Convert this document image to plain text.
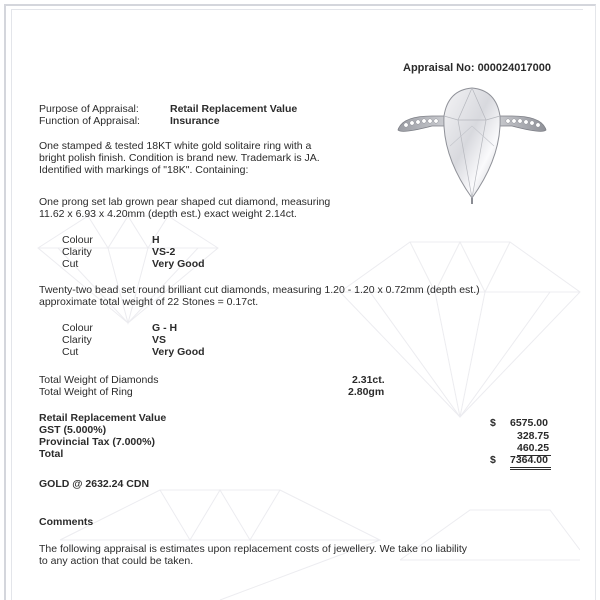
Appraisal No: 000024017000
Purpose of Appraisal:	Retail Replacement Value
Function of Appraisal:	Insurance
One stamped & tested 18KT white gold solitaire ring with a
bright polish finish. Condition is brand new. Trademark is JA.
Identified with markings of "18K". Containing:
One prong set lab grown pear shaped cut diamond, measuring
11.62 x 6.93 x 4.20mm (depth est.) exact weight 2.14ct.
Colour	H
Clarity	VS-2
Cut	Very Good
Twenty-two bead set round brilliant cut diamonds, measuring 1.20 - 1.20 x 0.72mm (depth est.)
approximate total weight of 22 Stones = 0.17ct.
Colour	G - H
Clarity	VS
Cut	Very Good
Total Weight of Diamonds	2.31ct.
Total Weight of Ring	2.80gm
Retail Replacement Value	$ 6575.00
GST (5.000%)	328.75
Provincial Tax (7.000%)	460.25
Total	$ 7364.00
GOLD @ 2632.24 CDN
Comments
The following appraisal is estimates upon replacement costs of jewellery. We take no liability
to any action that could be taken.
